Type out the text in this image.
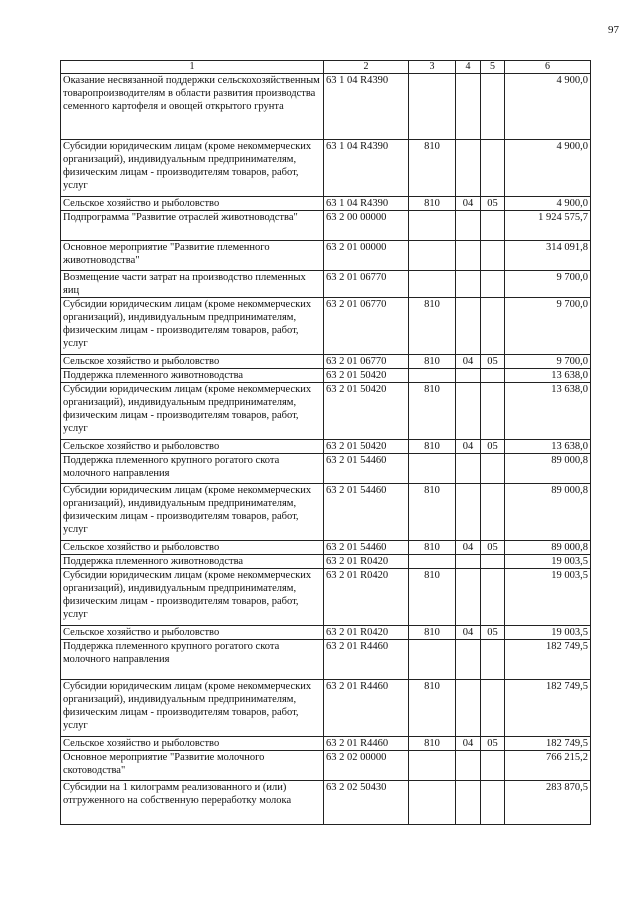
97
1	2	3	4	5	6
Оказание несвязанной поддержки сельскохозяйственным товаропроизводителям в области развития производства семенного картофеля и овощей открытого грунта	63 1 04 R4390				4 900,0
Субсидии юридическим лицам (кроме некоммерческих организаций), индивидуальным предпринимателям, физическим лицам - производителям товаров, работ, услуг	63 1 04 R4390	810			4 900,0
Сельское хозяйство и рыболовство	63 1 04 R4390	810	04	05	4 900,0
Подпрограмма "Развитие отраслей животноводства"	63 2 00 00000				1 924 575,7
Основное мероприятие "Развитие племенного животноводства"	63 2 01 00000				314 091,8
Возмещение части затрат на производство племенных яиц	63 2 01 06770				9 700,0
Субсидии юридическим лицам (кроме некоммерческих организаций), индивидуальным предпринимателям, физическим лицам - производителям товаров, работ, услуг	63 2 01 06770	810			9 700,0
Сельское хозяйство и рыболовство	63 2 01 06770	810	04	05	9 700,0
Поддержка племенного животноводства	63 2 01 50420				13 638,0
Субсидии юридическим лицам (кроме некоммерческих организаций), индивидуальным предпринимателям, физическим лицам - производителям товаров, работ, услуг	63 2 01 50420	810			13 638,0
Сельское хозяйство и рыболовство	63 2 01 50420	810	04	05	13 638,0
Поддержка племенного крупного рогатого скота молочного направления	63 2 01 54460				89 000,8
Субсидии юридическим лицам (кроме некоммерческих организаций), индивидуальным предпринимателям, физическим лицам - производителям товаров, работ, услуг	63 2 01 54460	810			89 000,8
Сельское хозяйство и рыболовство	63 2 01 54460	810	04	05	89 000,8
Поддержка племенного животноводства	63 2 01 R0420				19 003,5
Субсидии юридическим лицам (кроме некоммерческих организаций), индивидуальным предпринимателям, физическим лицам - производителям товаров, работ, услуг	63 2 01 R0420	810			19 003,5
Сельское хозяйство и рыболовство	63 2 01 R0420	810	04	05	19 003,5
Поддержка племенного крупного рогатого скота молочного направления	63 2 01 R4460				182 749,5
Субсидии юридическим лицам (кроме некоммерческих организаций), индивидуальным предпринимателям, физическим лицам - производителям товаров, работ, услуг	63 2 01 R4460	810			182 749,5
Сельское хозяйство и рыболовство	63 2 01 R4460	810	04	05	182 749,5
Основное мероприятие "Развитие молочного скотоводства"	63 2 02 00000				766 215,2
Субсидии на 1 килограмм реализованного и (или) отгруженного на собственную переработку молока	63 2 02 50430				283 870,5
